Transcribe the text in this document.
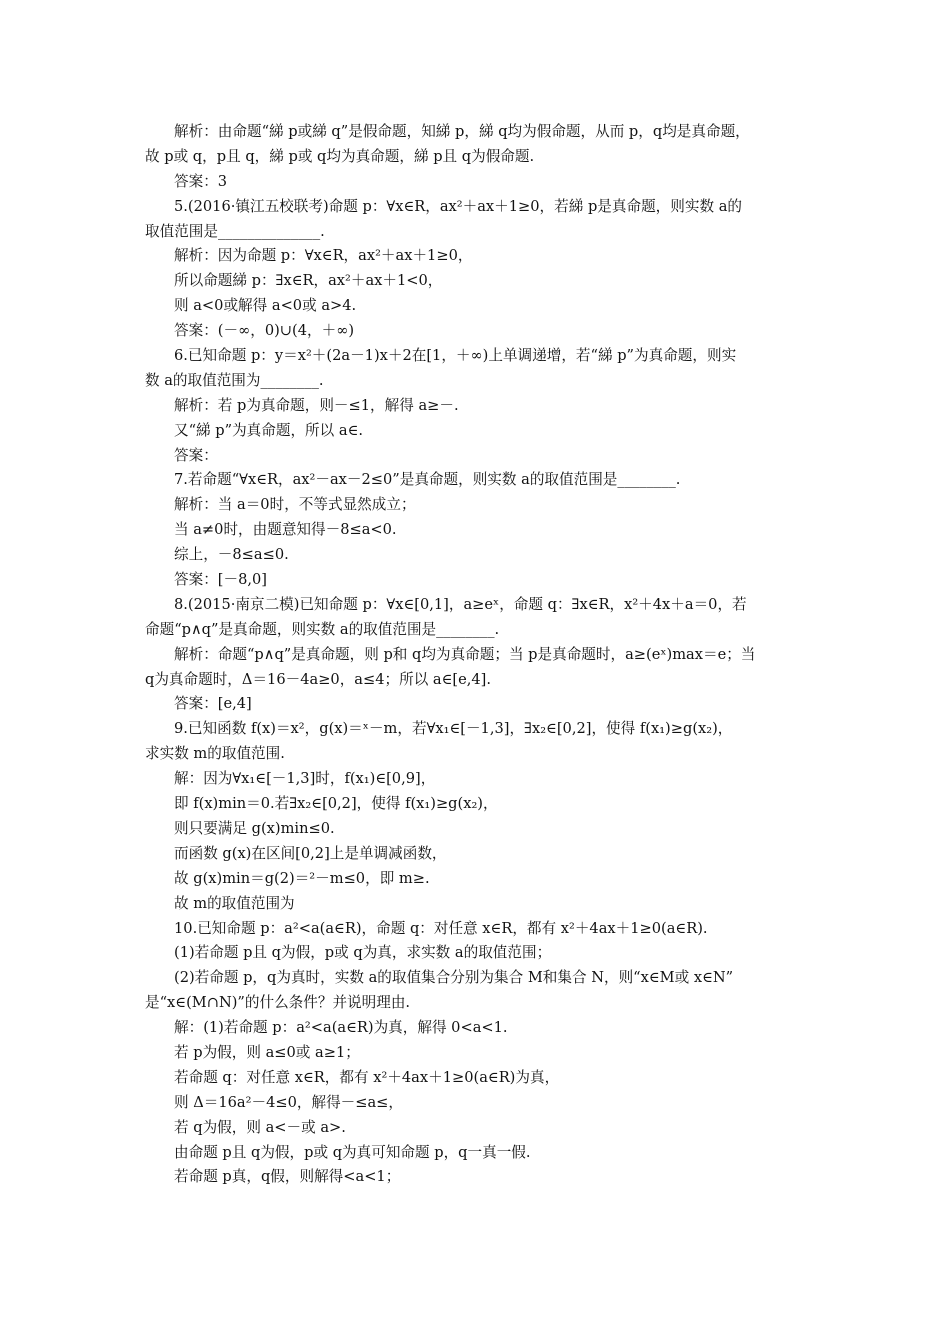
解析：由命题“綈 p或綈 q”是假命题，知綈 p，綈 q均为假命题，从而 p，q均是真命题，
故 p或 q，p且 q，綈 p或 q均为真命题，綈 p且 q为假命题.
答案：3
5.(2016·镇江五校联考)命题 p：∀x∈R，ax²＋ax＋1≥0，若綈 p是真命题，则实数 a的
取值范围是______________.
解析：因为命题 p：∀x∈R，ax²＋ax＋1≥0，
所以命题綈 p：∃x∈R，ax²＋ax＋1<0，
则 a<0或解得 a<0或 a>4.
答案：(－∞，0)∪(4，＋∞)
6.已知命题 p：y＝x²＋(2a－1)x＋2在[1，＋∞)上单调递增，若“綈 p”为真命题，则实
数 a的取值范围为________.
解析：若 p为真命题，则－≤1，解得 a≥－.
又“綈 p”为真命题，所以 a∈.
答案：
7.若命题“∀x∈R，ax²－ax－2≤0”是真命题，则实数 a的取值范围是________.
解析：当 a＝0时，不等式显然成立；
当 a≠0时，由题意知得－8≤a<0.
综上，－8≤a≤0.
答案：[－8,0]
8.(2015·南京二模)已知命题 p：∀x∈[0,1]，a≥eˣ，命题 q：∃x∈R，x²＋4x＋a＝0，若
命题“p∧q”是真命题，则实数 a的取值范围是________.
解析：命题“p∧q”是真命题，则 p和 q均为真命题；当 p是真命题时，a≥(eˣ)max＝e；当
q为真命题时，Δ＝16－4a≥0，a≤4；所以 a∈[e,4].
答案：[e,4]
9.已知函数 f(x)＝x²，g(x)＝ˣ－m，若∀x₁∈[－1,3]，∃x₂∈[0,2]，使得 f(x₁)≥g(x₂)，
求实数 m的取值范围.
解：因为∀x₁∈[－1,3]时，f(x₁)∈[0,9]，
即 f(x)min＝0.若∃x₂∈[0,2]，使得 f(x₁)≥g(x₂)，
则只要满足 g(x)min≤0.
而函数 g(x)在区间[0,2]上是单调减函数，
故 g(x)min＝g(2)＝²－m≤0，即 m≥.
故 m的取值范围为
10.已知命题 p：a²<a(a∈R)，命题 q：对任意 x∈R，都有 x²＋4ax＋1≥0(a∈R).
(1)若命题 p且 q为假，p或 q为真，求实数 a的取值范围；
(2)若命题 p，q为真时，实数 a的取值集合分别为集合 M和集合 N，则“x∈M或 x∈N”
是“x∈(M∩N)”的什么条件？并说明理由.
解：(1)若命题 p：a²<a(a∈R)为真，解得 0<a<1.
若 p为假，则 a≤0或 a≥1；
若命题 q：对任意 x∈R，都有 x²＋4ax＋1≥0(a∈R)为真，
则 Δ＝16a²－4≤0，解得－≤a≤，
若 q为假，则 a<－或 a>.
由命题 p且 q为假，p或 q为真可知命题 p，q一真一假.
若命题 p真，q假，则解得<a<1；
